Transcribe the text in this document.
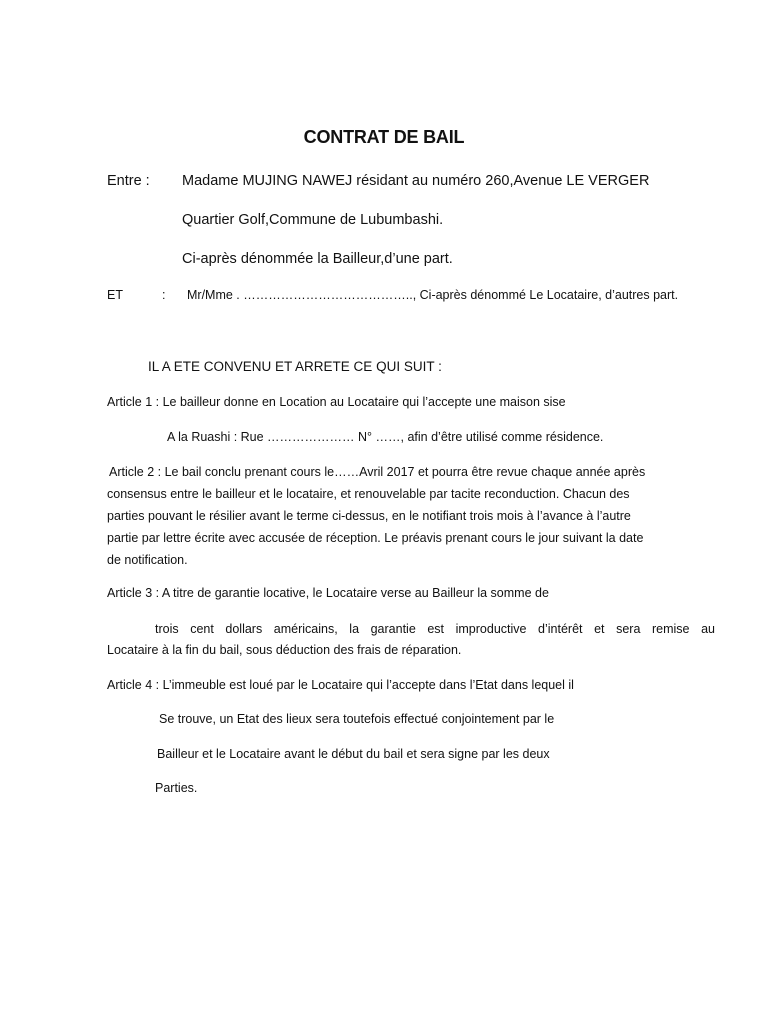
CONTRAT DE BAIL
Entre : Madame MUJING NAWEJ résidant au numéro 260,Avenue LE VERGER
Quartier Golf,Commune de Lubumbashi.
Ci-après dénommée la Bailleur,d’une part.
ET	: Mr/Mme . ………………………………….., Ci-après dénommé Le Locataire, d’autres part.
IL A ETE CONVENU ET ARRETE CE QUI SUIT :
Article 1 : Le bailleur donne en Location au Locataire qui l’accepte une maison sise
A la Ruashi : Rue ………………… N° ……, afin d’être utilisé comme résidence.
Article 2 : Le bail conclu prenant cours le……Avril 2017 et pourra être revue chaque année après
consensus entre le bailleur et le locataire, et renouvelable par tacite reconduction. Chacun des
parties pouvant le résilier avant le terme ci-dessus, en le notifiant trois mois à l’avance à l’autre
partie par lettre écrite avec accusée de réception. Le préavis prenant cours le jour suivant la date
de notification.
Article 3 : A titre de garantie locative, le Locataire verse au Bailleur la somme de
trois cent dollars américains, la garantie est improductive d’intérêt et sera remise au
Locataire à la fin du bail, sous déduction des frais de réparation.
Article 4 : L’immeuble est loué par le Locataire qui l’accepte dans l’Etat dans lequel il
Se trouve, un Etat des lieux sera toutefois effectué conjointement par le
Bailleur et le Locataire avant le début du bail et sera signe par les deux
Parties.
